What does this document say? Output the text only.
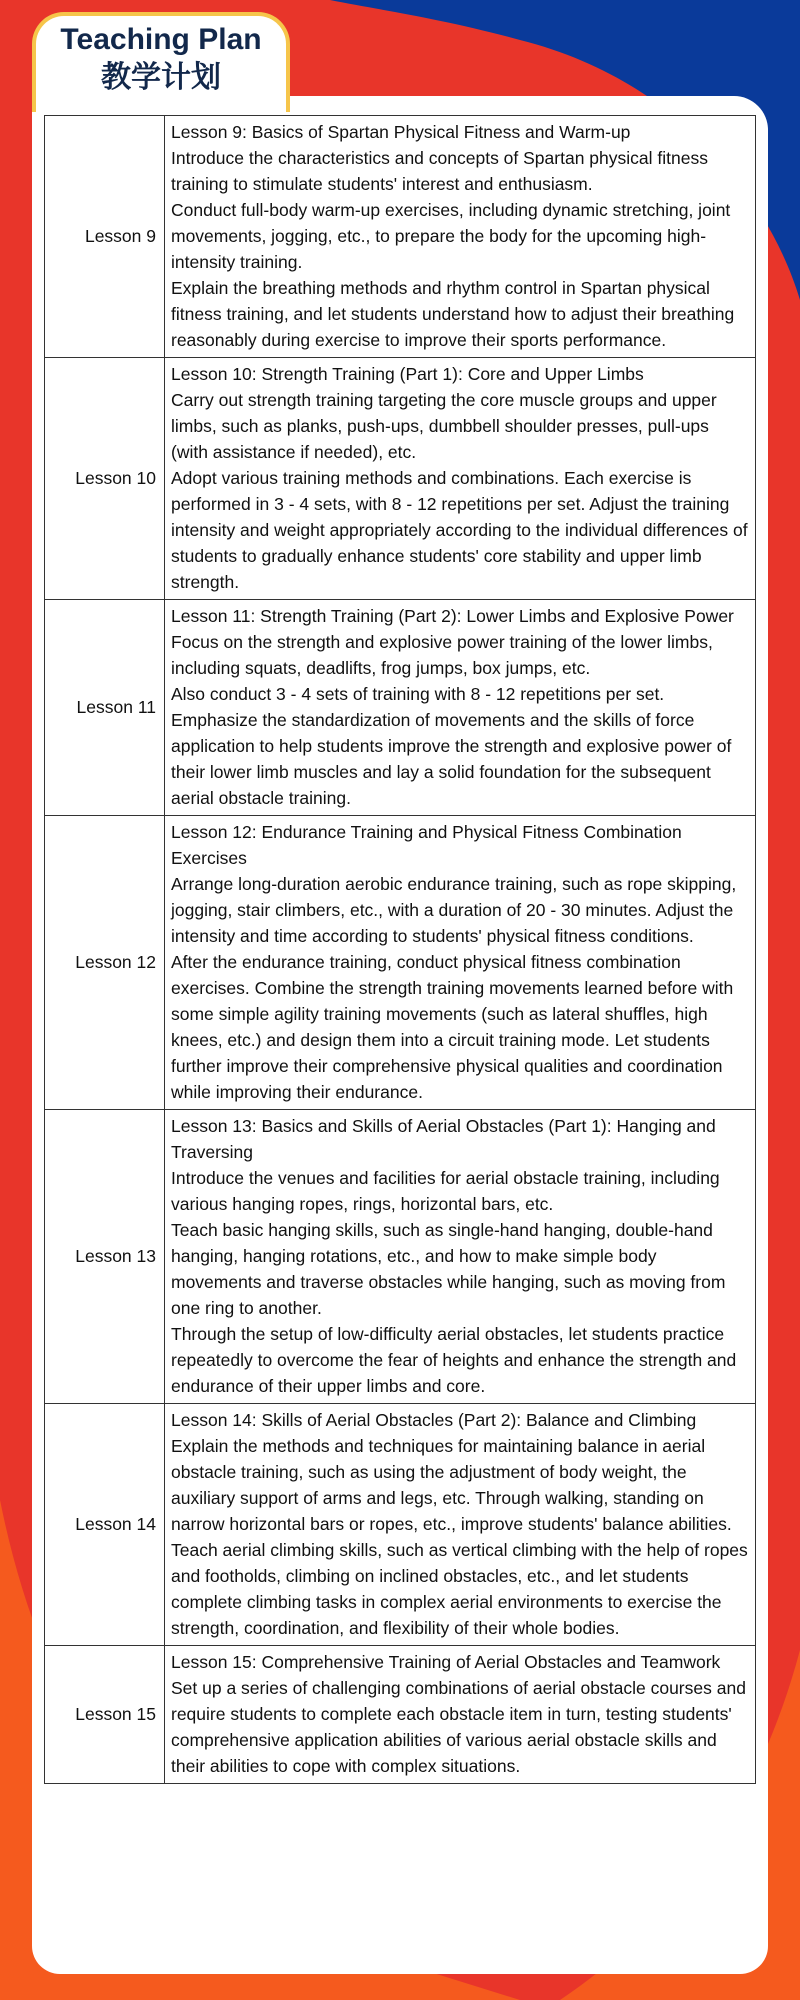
Teaching Plan
教学计划
Lesson 9	Lesson 9: Basics of Spartan Physical Fitness and Warm-up

Introduce the characteristics and concepts of Spartan physical fitness training to stimulate students' interest and enthusiasm.

Conduct full-body warm-up exercises, including dynamic stretching, joint movements, jogging, etc., to prepare the body for the upcoming high-intensity training.

Explain the breathing methods and rhythm control in Spartan physical fitness training, and let students understand how to adjust their breathing reasonably during exercise to improve their sports performance.

Lesson 10	Lesson 10: Strength Training (Part 1): Core and Upper Limbs

Carry out strength training targeting the core muscle groups and upper limbs, such as planks, push-ups, dumbbell shoulder presses, pull-ups (with assistance if needed), etc.

Adopt various training methods and combinations. Each exercise is performed in 3 - 4 sets, with 8 - 12 repetitions per set. Adjust the training intensity and weight appropriately according to the individual differences of students to gradually enhance students' core stability and upper limb strength.

Lesson 11	Lesson 11: Strength Training (Part 2): Lower Limbs and Explosive Power

Focus on the strength and explosive power training of the lower limbs, including squats, deadlifts, frog jumps, box jumps, etc.

Also conduct 3 - 4 sets of training with 8 - 12 repetitions per set. Emphasize the standardization of movements and the skills of force application to help students improve the strength and explosive power of their lower limb muscles and lay a solid foundation for the subsequent aerial obstacle training.

Lesson 12	Lesson 12: Endurance Training and Physical Fitness Combination Exercises

Arrange long-duration aerobic endurance training, such as rope skipping, jogging, stair climbers, etc., with a duration of 20 - 30 minutes. Adjust the intensity and time according to students' physical fitness conditions.

After the endurance training, conduct physical fitness combination exercises. Combine the strength training movements learned before with some simple agility training movements (such as lateral shuffles, high knees, etc.) and design them into a circuit training mode. Let students further improve their comprehensive physical qualities and coordination while improving their endurance.

Lesson 13	Lesson 13: Basics and Skills of Aerial Obstacles (Part 1): Hanging and Traversing

Introduce the venues and facilities for aerial obstacle training, including various hanging ropes, rings, horizontal bars, etc.

Teach basic hanging skills, such as single-hand hanging, double-hand hanging, hanging rotations, etc., and how to make simple body movements and traverse obstacles while hanging, such as moving from one ring to another.

Through the setup of low-difficulty aerial obstacles, let students practice repeatedly to overcome the fear of heights and enhance the strength and endurance of their upper limbs and core.

Lesson 14	Lesson 14: Skills of Aerial Obstacles (Part 2): Balance and Climbing

Explain the methods and techniques for maintaining balance in aerial obstacle training, such as using the adjustment of body weight, the auxiliary support of arms and legs, etc. Through walking, standing on narrow horizontal bars or ropes, etc., improve students' balance abilities.

Teach aerial climbing skills, such as vertical climbing with the help of ropes and footholds, climbing on inclined obstacles, etc., and let students complete climbing tasks in complex aerial environments to exercise the strength, coordination, and flexibility of their whole bodies.

Lesson 15	Lesson 15: Comprehensive Training of Aerial Obstacles and Teamwork

Set up a series of challenging combinations of aerial obstacle courses and require students to complete each obstacle item in turn, testing students' comprehensive application abilities of various aerial obstacle skills and their abilities to cope with complex situations.
